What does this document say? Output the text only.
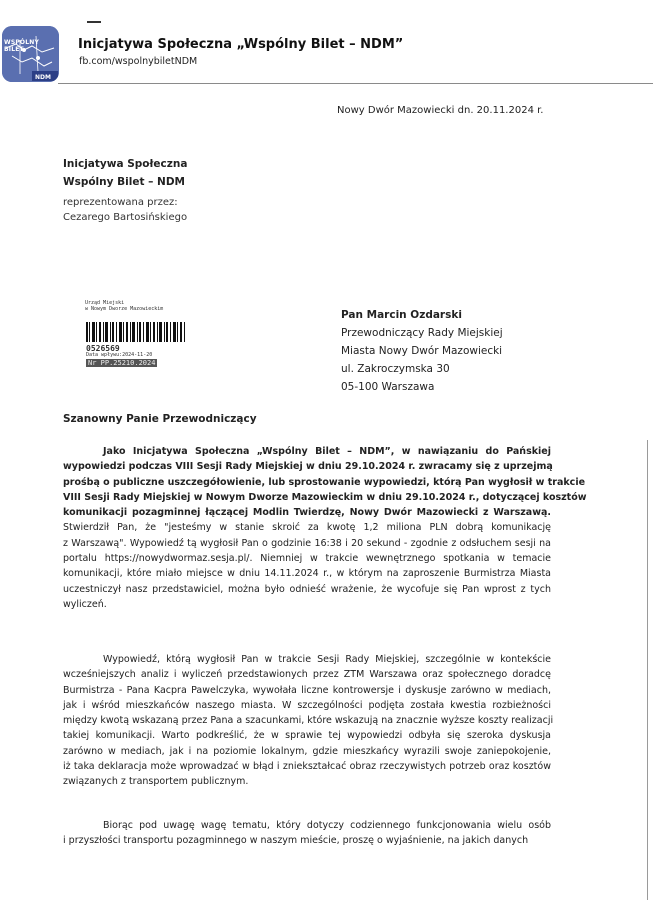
WSPÓLNY BILET
NDM
Inicjatywa Społeczna „Wspólny Bilet – NDM”
fb.com/wspolnybiletNDM
Nowy Dwór Mazowiecki dn. 20.11.2024 r.
Inicjatywa Społeczna
Wspólny Bilet – NDM
reprezentowana przez:
Cezarego Bartosińskiego
Urząd Miejski
w Nowym Dworze Mazowieckim
0526569
Data wpływu:2024-11-20
Nr PP.25210.2024
Pan Marcin Ozdarski
Przewodniczący Rady Miejskiej
Miasta Nowy Dwór Mazowiecki
ul. Zakroczymska 30
05-100 Warszawa
Szanowny Panie Przewodniczący
Jako Inicjatywa Społeczna „Wspólny Bilet – NDM”, w nawiązaniu do Pańskiej
wypowiedzi podczas VIII Sesji Rady Miejskiej w dniu 29.10.2024 r. zwracamy się z uprzejmą
prośbą o publiczne uszczegółowienie, lub sprostowanie wypowiedzi, którą Pan wygłosił w trakcie
VIII Sesji Rady Miejskiej w Nowym Dworze Mazowieckim w dniu 29.10.2024 r., dotyczącej kosztów
komunikacji pozagminnej łączącej Modlin Twierdzę, Nowy Dwór Mazowiecki z Warszawą.
Stwierdził Pan, że "jesteśmy w stanie skroić za kwotę 1,2 miliona PLN dobrą komunikację
z Warszawą". Wypowiedź tą wygłosił Pan o godzinie 16:38 i 20 sekund - zgodnie z odsłuchem sesji na
portalu https://nowydwormaz.sesja.pl/. Niemniej w trakcie wewnętrznego spotkania w temacie
komunikacji, które miało miejsce w dniu 14.11.2024 r., w którym na zaproszenie Burmistrza Miasta
uczestniczył nasz przedstawiciel, można było odnieść wrażenie, że wycofuje się Pan wprost z tych
wyliczeń.
Wypowiedź, którą wygłosił Pan w trakcie Sesji Rady Miejskiej, szczególnie w kontekście
wcześniejszych analiz i wyliczeń przedstawionych przez ZTM Warszawa oraz społecznego doradcę
Burmistrza - Pana Kacpra Pawelczyka, wywołała liczne kontrowersje i dyskusje zarówno w mediach,
jak i wśród mieszkańców naszego miasta. W szczególności podjęta została kwestia rozbieżności
między kwotą wskazaną przez Pana a szacunkami, które wskazują na znacznie wyższe koszty realizacji
takiej komunikacji. Warto podkreślić, że w sprawie tej wypowiedzi odbyła się szeroka dyskusja
zarówno w mediach, jak i na poziomie lokalnym, gdzie mieszkańcy wyrazili swoje zaniepokojenie,
iż taka deklaracja może wprowadzać w błąd i zniekształcać obraz rzeczywistych potrzeb oraz kosztów
związanych z transportem publicznym.
Biorąc pod uwagę wagę tematu, który dotyczy codziennego funkcjonowania wielu osób
i przyszłości transportu pozagminnego w naszym mieście, proszę o wyjaśnienie, na jakich danych
